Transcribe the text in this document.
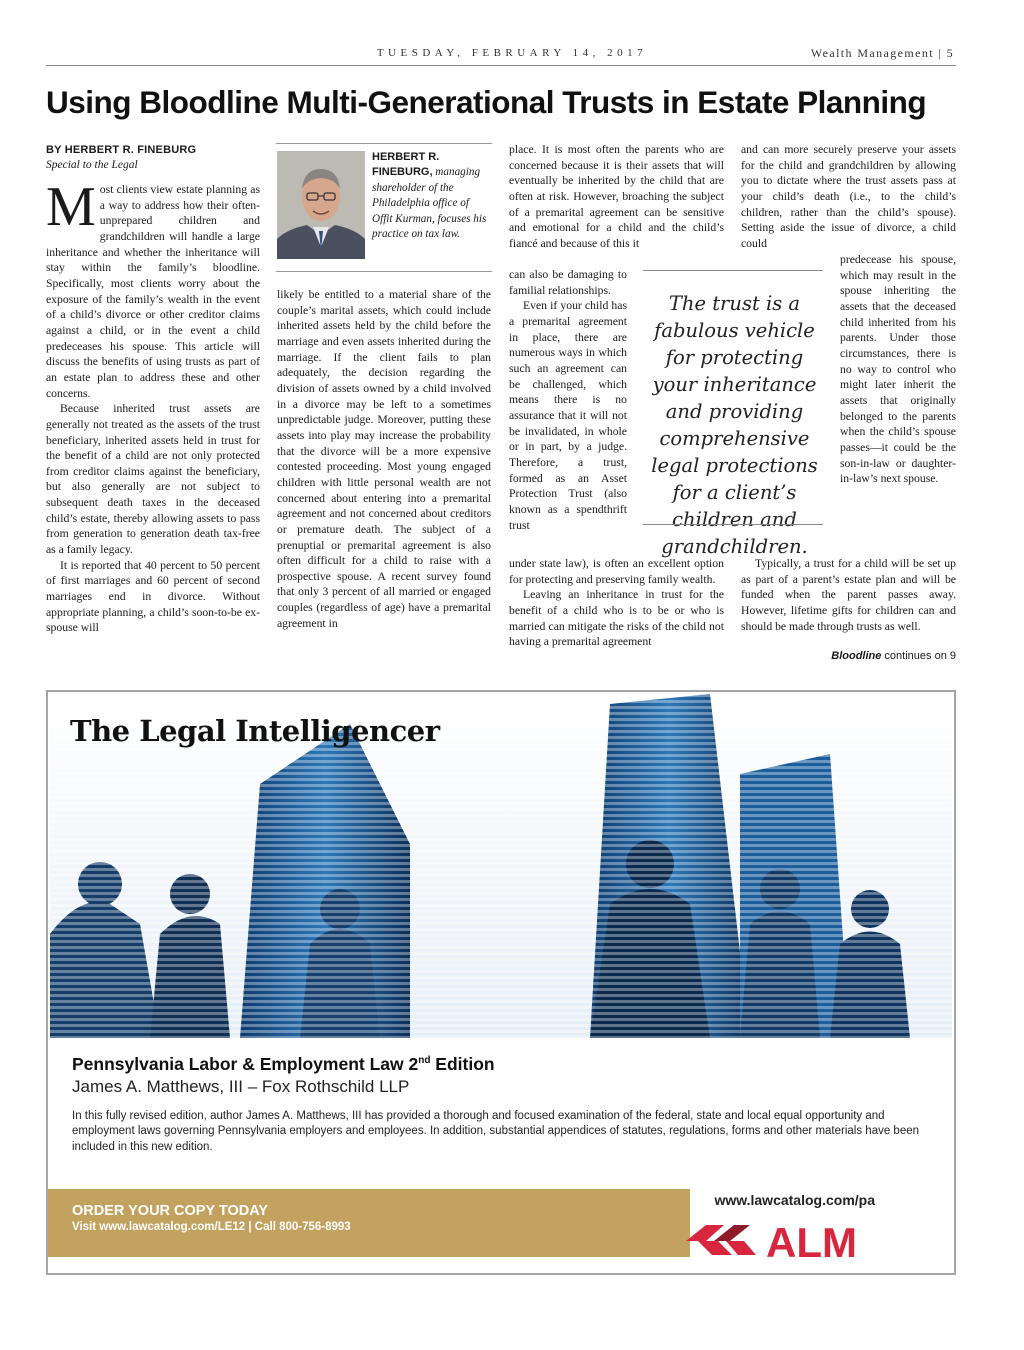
TUESDAY, FEBRUARY 14, 2017	Wealth Management | 5
Using Bloodline Multi-Generational Trusts in Estate Planning
BY HERBERT R. FINEBURG
Special to the Legal

Most clients view estate planning as a way to address how their often-unprepared children and grandchildren will handle a large inheritance and whether the inheritance will stay within the family’s bloodline. Specifically, most clients worry about the exposure of the family’s wealth in the event of a child’s divorce or other creditor claims against a child, or in the event a child predeceases his spouse. This article will discuss the benefits of using trusts as part of an estate plan to address these and other concerns.

Because inherited trust assets are generally not treated as the assets of the trust beneficiary, inherited assets held in trust for the benefit of a child are not only protected from creditor claims against the beneficiary, but also generally are not subject to subsequent death taxes in the deceased child’s estate, thereby allowing assets to pass from generation to generation death tax-free as a family legacy.

It is reported that 40 percent to 50 percent of first marriages and 60 percent of second marriages end in divorce. Without appropriate planning, a child’s soon-to-be ex-spouse will

HERBERT R. FINEBURG, managing shareholder of the Philadelphia office of Offit Kurman, focuses his practice on tax law.

likely be entitled to a material share of the couple’s marital assets, which could include inherited assets held by the child before the marriage and even assets inherited during the marriage. If the client fails to plan adequately, the decision regarding the division of assets owned by a child involved in a divorce may be left to a sometimes unpredictable judge. Moreover, putting these assets into play may increase the probability that the divorce will be a more expensive contested proceeding. Most young engaged children with little personal wealth are not concerned about entering into a premarital agreement and not concerned about creditors or premature death. The subject of a prenuptial or premarital agreement is also often difficult for a child to raise with a prospective spouse. A recent survey found that only 3 percent of all married or engaged couples (regardless of age) have a premarital agreement in

place. It is most often the parents who are concerned because it is their assets that will eventually be inherited by the child that are often at risk. However, broaching the subject of a premarital agreement can be sensitive and emotional for a child and the child’s fiancé and because of this it

can also be damaging to familial relationships.

Even if your child has a premarital agreement in place, there are numerous ways in which such an agreement can be challenged, which means there is no assurance that it will not be invalidated, in whole or in part, by a judge. Therefore, a trust, formed as an Asset Protection Trust (also known as a spendthrift trust

under state law), is often an excellent option for protecting and preserving family wealth.

Leaving an inheritance in trust for the benefit of a child who is to be or who is married can mitigate the risks of the child not having a premarital agreement

The trust is a fabulous vehicle for protecting your inheritance and providing comprehensive legal protections for a client’s children and grandchildren.

and can more securely preserve your assets for the child and grandchildren by allowing you to dictate where the trust assets pass at your child’s death (i.e., to the child’s children, rather than the child’s spouse). Setting aside the issue of divorce, a child could

predecease his spouse, which may result in the spouse inheriting the assets that the deceased child inherited from his parents. Under those circumstances, there is no way to control who might later inherit the assets that originally belonged to the parents when the child’s spouse passes—it could be the son-in-law or daughter-in-law’s next spouse.

Typically, a trust for a child will be set up as part of a parent’s estate plan and will be funded when the parent passes away. However, lifetime gifts for children can and should be made through trusts as well.

Bloodline continues on 9
The Legal Intelligencer
Pennsylvania Labor & Employment Law 2nd Edition
James A. Matthews, III – Fox Rothschild LLP
In this fully revised edition, author James A. Matthews, III has provided a thorough and focused examination of the federal, state and local equal opportunity and employment laws governing Pennsylvania employers and employees. In addition, substantial appendices of statutes, regulations, forms and other materials have been included in this new edition.
ORDER YOUR COPY TODAY
Visit www.lawcatalog.com/LE12 | Call 800-756-8993
www.lawcatalog.com/pa
ALM
